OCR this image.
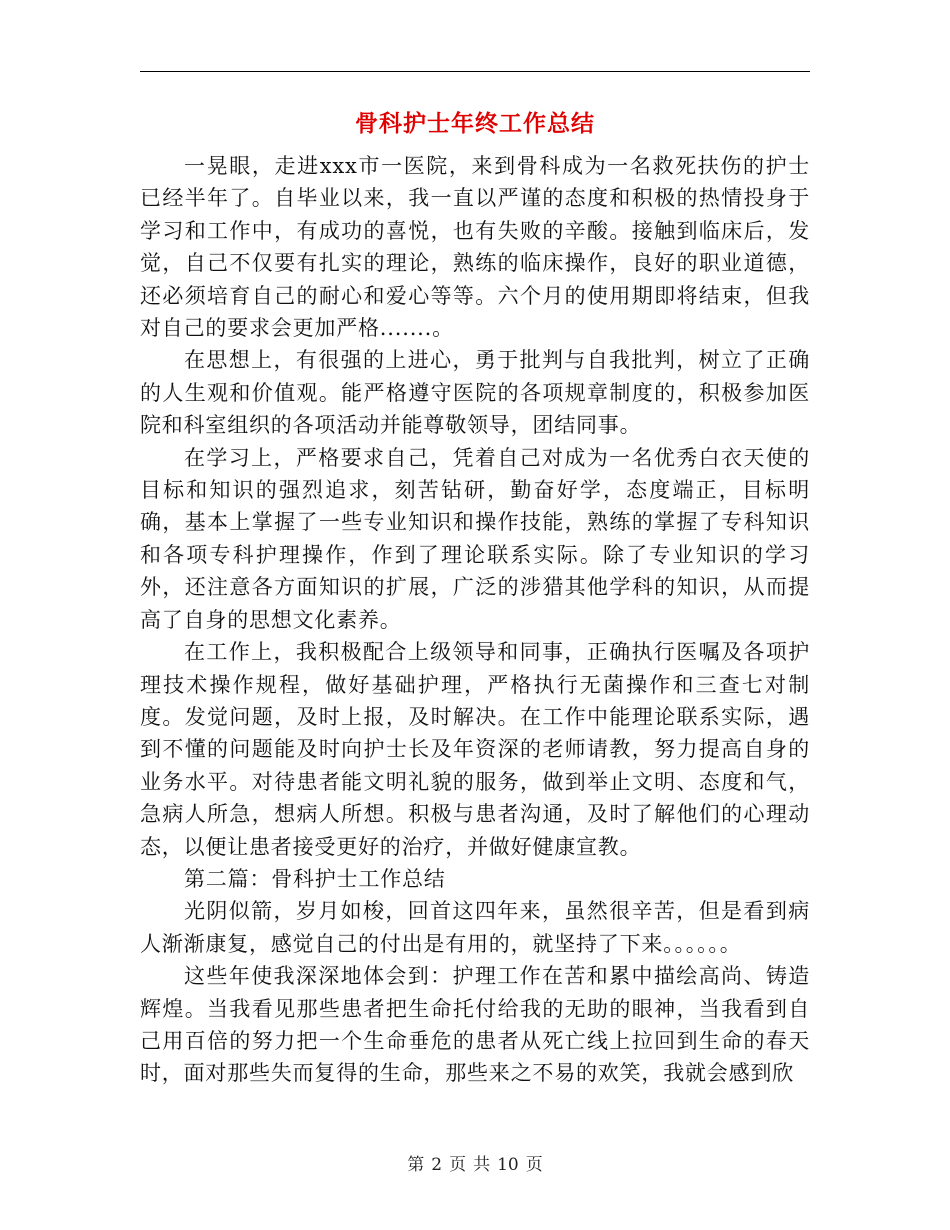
骨科护士年终工作总结

一晃眼，走进xxx市一医院，来到骨科成为一名救死扶伤的护士已经半年了。自毕业以来，我一直以严谨的态度和积极的热情投身于学习和工作中，有成功的喜悦，也有失败的辛酸。接触到临床后，发觉，自己不仅要有扎实的理论，熟练的临床操作，良好的职业道德，还必须培育自己的耐心和爱心等等。六个月的使用期即将结束，但我对自己的要求会更加严格.......。

在思想上，有很强的上进心，勇于批判与自我批判，树立了正确的人生观和价值观。能严格遵守医院的各项规章制度的，积极参加医院和科室组织的各项活动并能尊敬领导，团结同事。

在学习上，严格要求自己，凭着自己对成为一名优秀白衣天使的目标和知识的强烈追求，刻苦钻研，勤奋好学，态度端正，目标明确，基本上掌握了一些专业知识和操作技能，熟练的掌握了专科知识和各项专科护理操作，作到了理论联系实际。除了专业知识的学习外，还注意各方面知识的扩展，广泛的涉猎其他学科的知识，从而提高了自身的思想文化素养。

在工作上，我积极配合上级领导和同事，正确执行医嘱及各项护理技术操作规程，做好基础护理，严格执行无菌操作和三查七对制度。发觉问题，及时上报，及时解决。在工作中能理论联系实际，遇到不懂的问题能及时向护士长及年资深的老师请教，努力提高自身的业务水平。对待患者能文明礼貌的服务，做到举止文明、态度和气，急病人所急，想病人所想。积极与患者沟通，及时了解他们的心理动态，以便让患者接受更好的治疗，并做好健康宣教。

第二篇：骨科护士工作总结

光阴似箭，岁月如梭，回首这四年来，虽然很辛苦，但是看到病人渐渐康复，感觉自己的付出是有用的，就坚持了下来。。。。。。

这些年使我深深地体会到：护理工作在苦和累中描绘高尚、铸造辉煌。当我看见那些患者把生命托付给我的无助的眼神，当我看到自己用百倍的努力把一个生命垂危的患者从死亡线上拉回到生命的春天时，面对那些失而复得的生命，那些来之不易的欢笑，我就会感到欣

第 2 页 共 10 页
